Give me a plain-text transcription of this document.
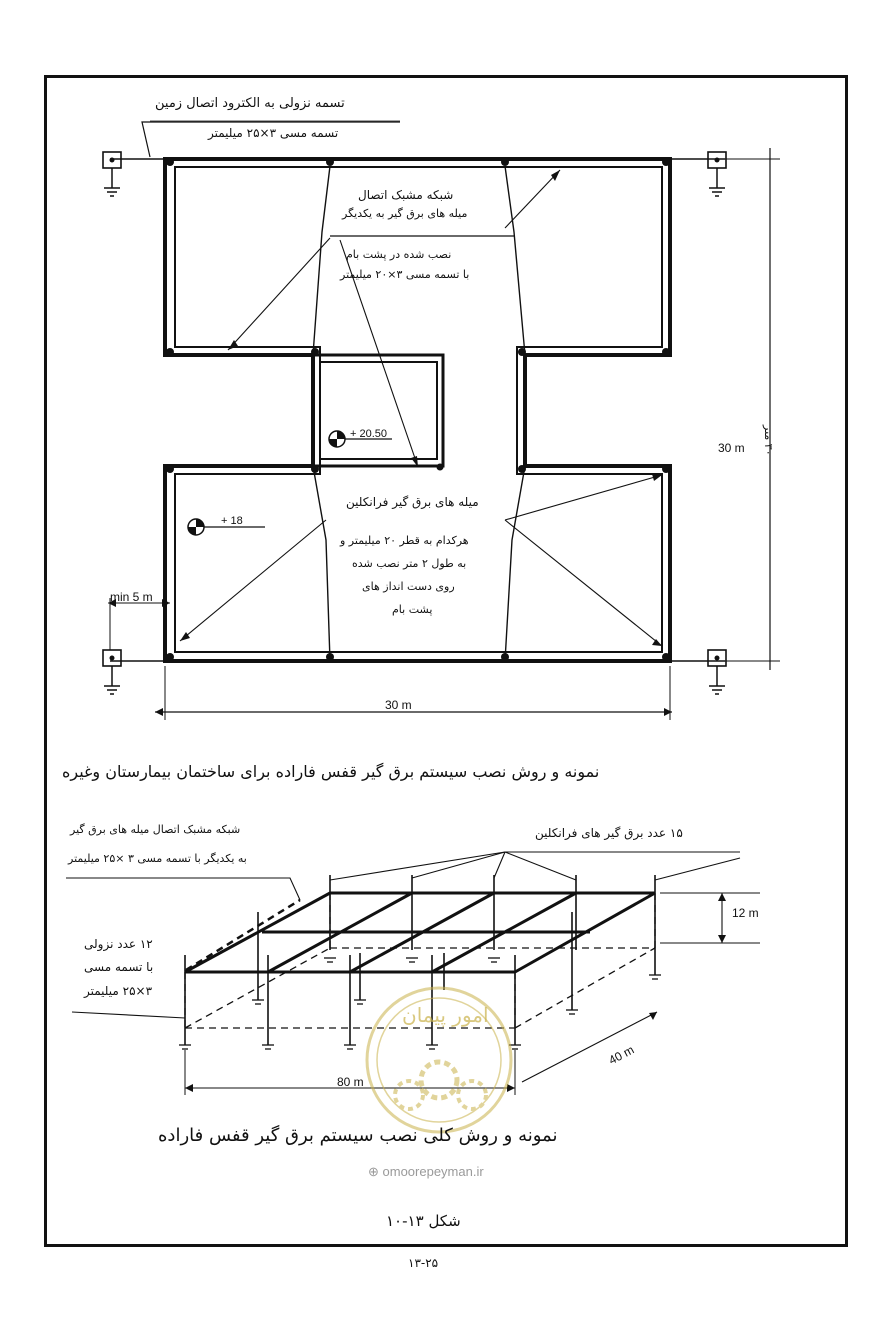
امور پیمان
⊕ omoorepeyman.ir
تسمه نزولی به الکترود اتصال زمین
تسمه مسی ۳×۲۵ میلیمتر
شبکه مشبک اتصال
میله های برق گیر به یکدیگر
نصب شده در پشت بام
با تسمه مسی ۳×۲۰ میلیمتر
+ 20.50
+ 18
میله های برق گیر فرانکلین
هرکدام به قطر ۲۰ میلیمتر و
به طول ۲ متر نصب شده
روی دست انداز های
پشت بام
min 5 m
30 m
۳۰ متر
30 m
نمونه و روش نصب سیستم برق گیر قفس فاراده برای ساختمان بیمارستان وغیره
شبکه مشبک اتصال میله های برق گیر
به یکدیگر با تسمه مسی ۳ ×۲۵ میلیمتر
۱۵ عدد برق گیر های فرانکلین
۱۲ عدد نزولی
با تسمه مسی
۳×۲۵ میلیمتر
12 m
80 m
40 m
نمونه و روش کلی نصب سیستم برق گیر قفس فاراده
شکل ۱۳-۱۰
۱۳-۲۵
